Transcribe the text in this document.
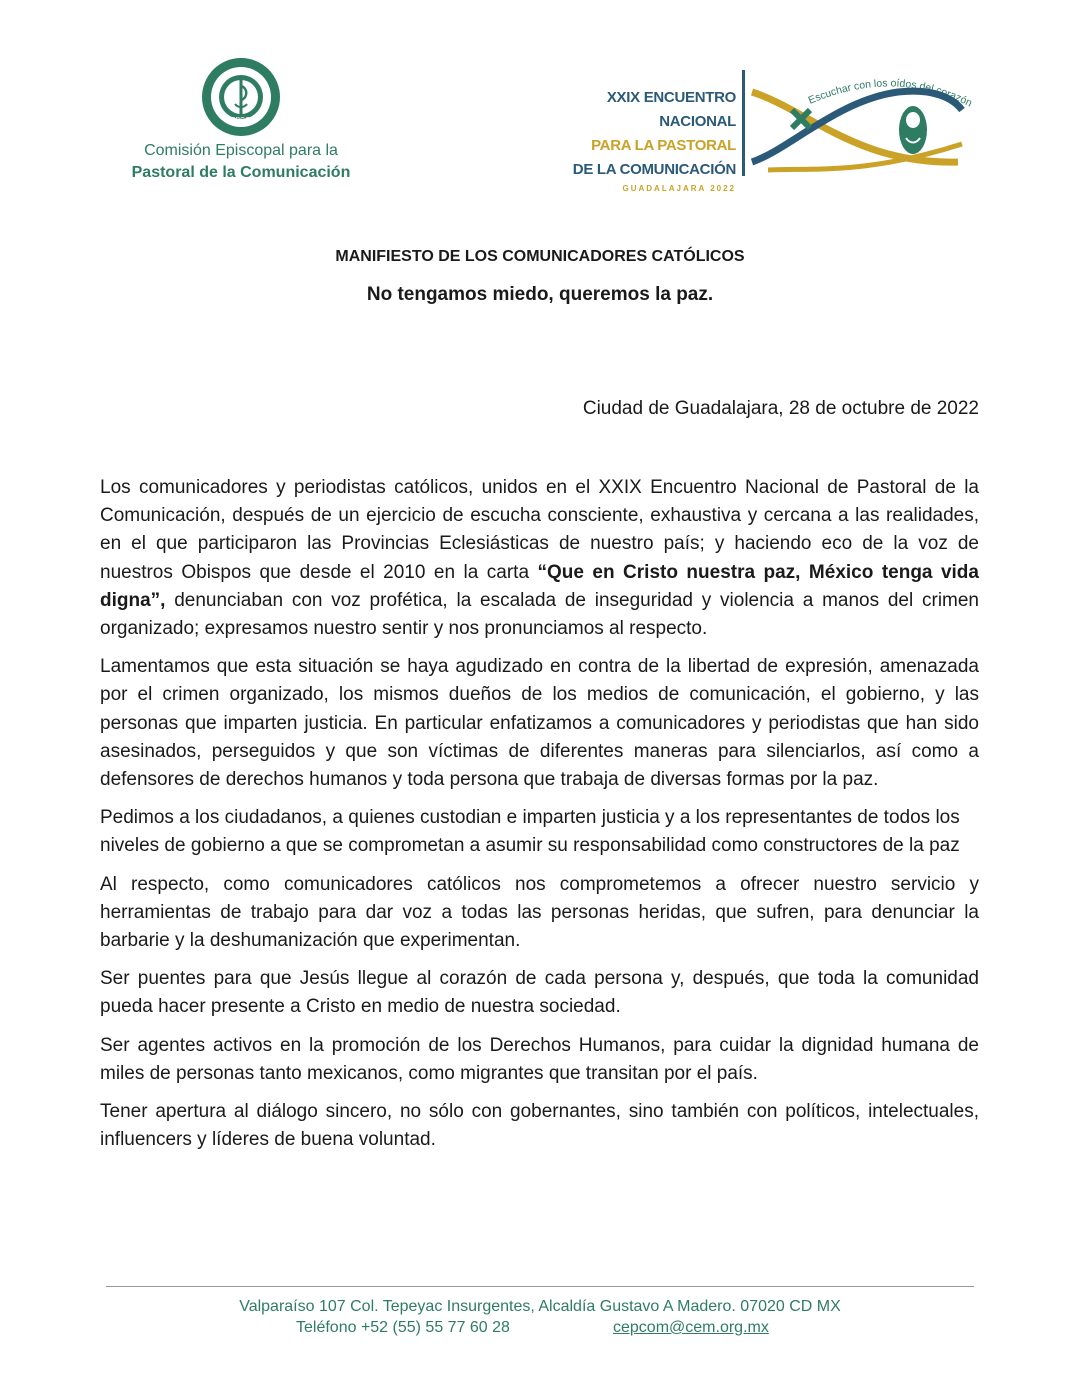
CEPCOM
Comisión Episcopal para la
Pastoral de la Comunicación
XXIX ENCUENTRO NACIONAL
PARA LA PASTORAL
DE LA COMUNICACIÓN
GUADALAJARA 2022
Escuchar con los oídos del corazón
MANIFIESTO DE LOS COMUNICADORES CATÓLICOS
No tengamos miedo, queremos la paz.
Ciudad de Guadalajara, 28 de octubre de 2022

Los comunicadores y periodistas católicos, unidos en el XXIX Encuentro Nacional de Pastoral de la Comunicación, después de un ejercicio de escucha consciente, exhaustiva y cercana a las realidades, en el que participaron las Provincias Eclesiásticas de nuestro país; y haciendo eco de la voz de nuestros Obispos que desde el 2010 en la carta “Que en Cristo nuestra paz, México tenga vida digna”, denunciaban con voz profética, la escalada de inseguridad y violencia a manos del crimen organizado; expresamos nuestro sentir y nos pronunciamos al respecto.

Lamentamos que esta situación se haya agudizado en contra de la libertad de expresión, amenazada por el crimen organizado, los mismos dueños de los medios de comunicación, el gobierno, y las personas que imparten justicia. En particular enfatizamos a comunicadores y periodistas que han sido asesinados, perseguidos y que son víctimas de diferentes maneras para silenciarlos, así como a defensores de derechos humanos y toda persona que trabaja de diversas formas por la paz.

Pedimos a los ciudadanos, a quienes custodian e imparten justicia y a los representantes de todos los niveles de gobierno a que se comprometan a asumir su responsabilidad como constructores de la paz

Al respecto, como comunicadores católicos nos comprometemos a ofrecer nuestro servicio y herramientas de trabajo para dar voz a todas las personas heridas, que sufren, para denunciar la barbarie y la deshumanización que experimentan.

Ser puentes para que Jesús llegue al corazón de cada persona y, después, que toda la comunidad pueda hacer presente a Cristo en medio de nuestra sociedad.

Ser agentes activos en la promoción de los Derechos Humanos, para cuidar la dignidad humana de miles de personas tanto mexicanos, como migrantes que transitan por el país.

Tener apertura al diálogo sincero, no sólo con gobernantes, sino también con políticos, intelectuales, influencers y líderes de buena voluntad.

Valparaíso 107 Col. Tepeyac Insurgentes, Alcaldía Gustavo A Madero. 07020 CD MX
Teléfono +52 (55) 55 77 60 28	cepcom@cem.org.mx
